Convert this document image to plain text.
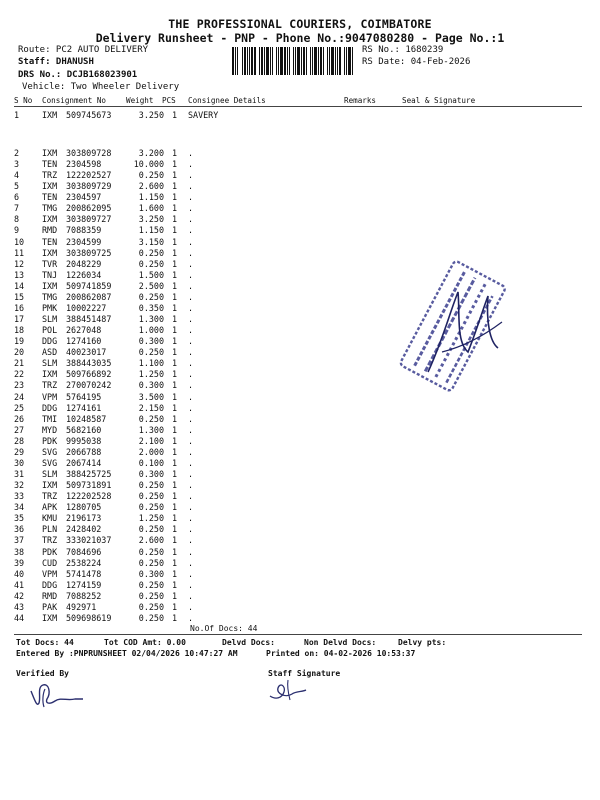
THE PROFESSIONAL COURIERS, COIMBATORE
Delivery Runsheet - PNP - Phone No.:9047080280 - Page No.:1
Route: PC2 AUTO DELIVERY
Staff: DHANUSH
DRS No.: DCJB168023901
Vehicle: Two Wheeler Delivery
RS No.: 1680239
RS Date: 04-Feb-2026
S No Consignment No	Weight PCS Consignee Details	Remarks	Seal & Signature
1	IXM 509745673	3.250 1 SAVERY
2	IXM 303809728	3.200 1 .
3	TEN 2304598	10.000 1 .
4	TRZ 122202527	0.250 1 .
5	IXM 303809729	2.600 1 .
6	TEN 2304597	1.150 1 .
7	TMG 200862095	1.600 1 .
8	IXM 303809727	3.250 1 .
9	RMD 7088359	1.150 1 .
10 TEN 2304599	3.150 1 .
11 IXM 303809725	0.250 1 .
12 TVR 2048229	0.250 1 .
13 TNJ 1226034	1.500 1 .
14 IXM 509741859	2.500 1 .
15 TMG 200862087	0.250 1 .
16 PMK 10002227	0.350 1 .
17 SLM 388451487	1.300 1 .
18 POL 2627048	1.000 1 .
19 DDG 1274160	0.300 1 .
20 ASD 40023017	0.250 1 .
21 SLM 388443035	1.100 1 .
22 IXM 509766892	1.250 1 .
23 TRZ 270070242	0.300 1 .
24 VPM 5764195	3.500 1 .
25 DDG 1274161	2.150 1 .
26 TMI 10248587	0.250 1 .
27 MYD 5682160	1.300 1 .
28 PDK 9995038	2.100 1 .
29 SVG 2066788	2.000 1 .
30 SVG 2067414	0.100 1 .
31 SLM 388425725	0.300 1 .
32 IXM 509731891	0.250 1 .
33 TRZ 122202528	0.250 1 .
34 APK 1280705	0.250 1 .
35 KMU 2196173	1.250 1 .
36 PLN 2428402	0.250 1 .
37 TRZ 333021037	2.600 1 .
38 PDK 7084696	0.250 1 .
39 CUD 2538224	0.250 1 .
40 VPM 5741478	0.300 1 .
41 DDG 1274159	0.250 1 .
42 RMD 7088252	0.250 1 .
43 PAK 492971	0.250 1 .
44 IXM 509698619	0.250 1 .
No.Of Docs: 44
Tot Docs: 44	Tot COD Amt: 0.00	Delvd Docs:	Non Delvd Docs:	Delvy pts:
Entered By :PNPRUNSHEET 02/04/2026 10:47:27 AM	Printed on: 04-02-2026 10:53:37
Verified By	Staff Signature
